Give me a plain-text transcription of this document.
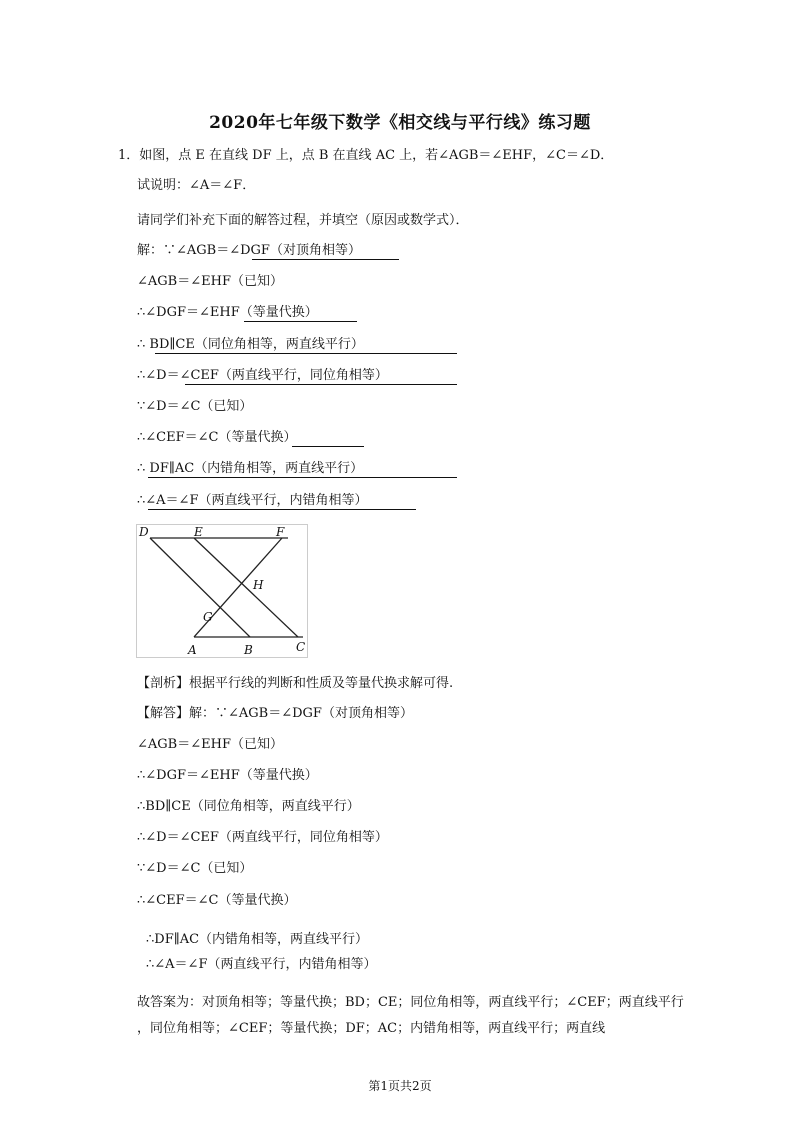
2020年七年级下数学《相交线与平行线》练习题
1．如图，点 E 在直线 DF 上，点 B 在直线 AC 上，若∠AGB＝∠EHF，∠C＝∠D．
试说明：∠A＝∠F．
请同学们补充下面的解答过程，并填空（原因或数学式）．
解：∵∠AGB＝∠DGF（对顶角相等）
∠AGB＝∠EHF（已知）
∴∠DGF＝∠EHF（等量代换）
∴ BD∥CE（同位角相等，两直线平行）
∴∠D＝∠CEF（两直线平行，同位角相等）
∵∠D＝∠C（已知）
∴∠CEF＝∠C（等量代换）
∴ DF∥AC（内错角相等，两直线平行）
∴∠A＝∠F（两直线平行，内错角相等）
D	E	F
H
G
A	B	C
【剖析】根据平行线的判断和性质及等量代换求解可得.
【解答】解：∵∠AGB＝∠DGF（对顶角相等）
∠AGB＝∠EHF（已知）
∴∠DGF＝∠EHF（等量代换）
∴BD∥CE（同位角相等，两直线平行）
∴∠D＝∠CEF（两直线平行，同位角相等）
∵∠D＝∠C（已知）
∴∠CEF＝∠C（等量代换）
∴DF∥AC（内错角相等，两直线平行）
∴∠A＝∠F（两直线平行，内错角相等）
故答案为：对顶角相等；等量代换；BD；CE；同位角相等，两直线平行；∠CEF；两直线平行
，同位角相等；∠CEF；等量代换；DF；AC；内错角相等，两直线平行；两直线
第1页共2页
